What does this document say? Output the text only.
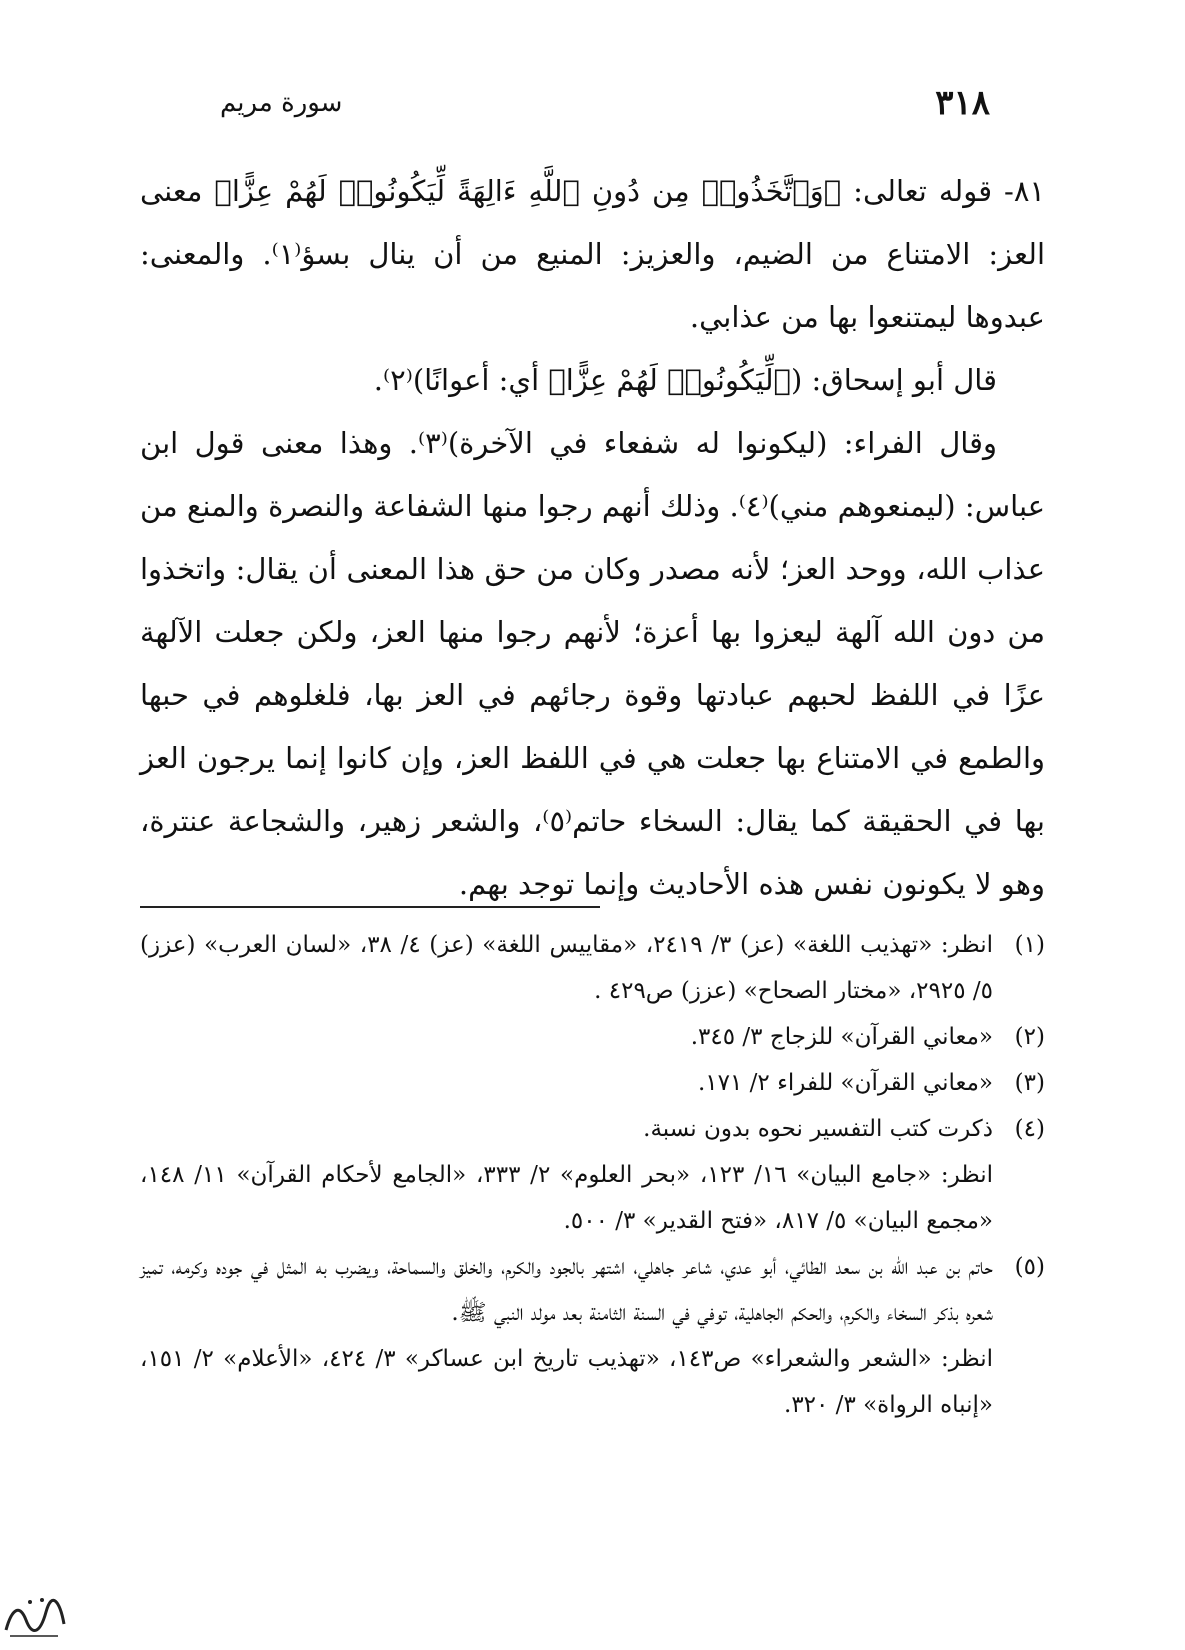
٣١٨
سورة مريم

٨١- قوله تعالى: ﴿وَٱتَّخَذُوا۟ مِن دُونِ ٱللَّهِ ءَالِهَةً لِّيَكُونُوا۟ لَهُمْ عِزًّا﴾ معنى العز: الامتناع من الضيم، والعزيز: المنيع من أن ينال بسؤ⁽١⁾. والمعنى: عبدوها ليمتنعوا بها من عذابي.

قال أبو إسحاق: (﴿لِّيَكُونُوا۟ لَهُمْ عِزًّا﴾ أي: أعوانًا)⁽٢⁾.

وقال الفراء: (ليكونوا له شفعاء في الآخرة)⁽٣⁾. وهذا معنى قول ابن عباس: (ليمنعوهم مني)⁽٤⁾. وذلك أنهم رجوا منها الشفاعة والنصرة والمنع من عذاب الله، ووحد العز؛ لأنه مصدر وكان من حق هذا المعنى أن يقال: واتخذوا من دون الله آلهة ليعزوا بها أعزة؛ لأنهم رجوا منها العز، ولكن جعلت الآلهة عزًا في اللفظ لحبهم عبادتها وقوة رجائهم في العز بها، فلغلوهم في حبها والطمع في الامتناع بها جعلت هي في اللفظ العز، وإن كانوا إنما يرجون العز بها في الحقيقة كما يقال: السخاء حاتم⁽٥⁾، والشعر زهير، والشجاعة عنترة، وهو لا يكونون نفس هذه الأحاديث وإنما توجد بهم.

(١)

انظر: «تهذيب اللغة» (عز) ٣/ ٢٤١٩، «مقاييس اللغة» (عز) ٤/ ٣٨، «لسان العرب» (عزز) ٥/ ٢٩٢٥، «مختار الصحاح» (عزز) ص٤٢٩ .

(٢)

«معاني القرآن» للزجاج ٣/ ٣٤٥.

(٣)

«معاني القرآن» للفراء ٢/ ١٧١.

(٤)

ذكرت كتب التفسير نحوه بدون نسبة.

انظر: «جامع البيان» ١٦/ ١٢٣، «بحر العلوم» ٢/ ٣٣٣، «الجامع لأحكام القرآن» ١١/ ١٤٨، «مجمع البيان» ٥/ ٨١٧، «فتح القدير» ٣/ ٥٠٠.

(٥)

حاتم بن عبد الله بن سعد الطائي، أبو عدي، شاعر جاهلي، اشتهر بالجود والكرم، والخلق والسماحة، ويضرب به المثل في جوده وكرمه، تميز شعره بذكر السخاء والكرم، والحكم الجاهلية، توفي في السنة الثامنة بعد مولد النبي ﷺ.

انظر: «الشعر والشعراء» ص١٤٣، «تهذيب تاريخ ابن عساكر» ٣/ ٤٢٤، «الأعلام» ٢/ ١٥١، «إنباه الرواة» ٣/ ٣٢٠.
